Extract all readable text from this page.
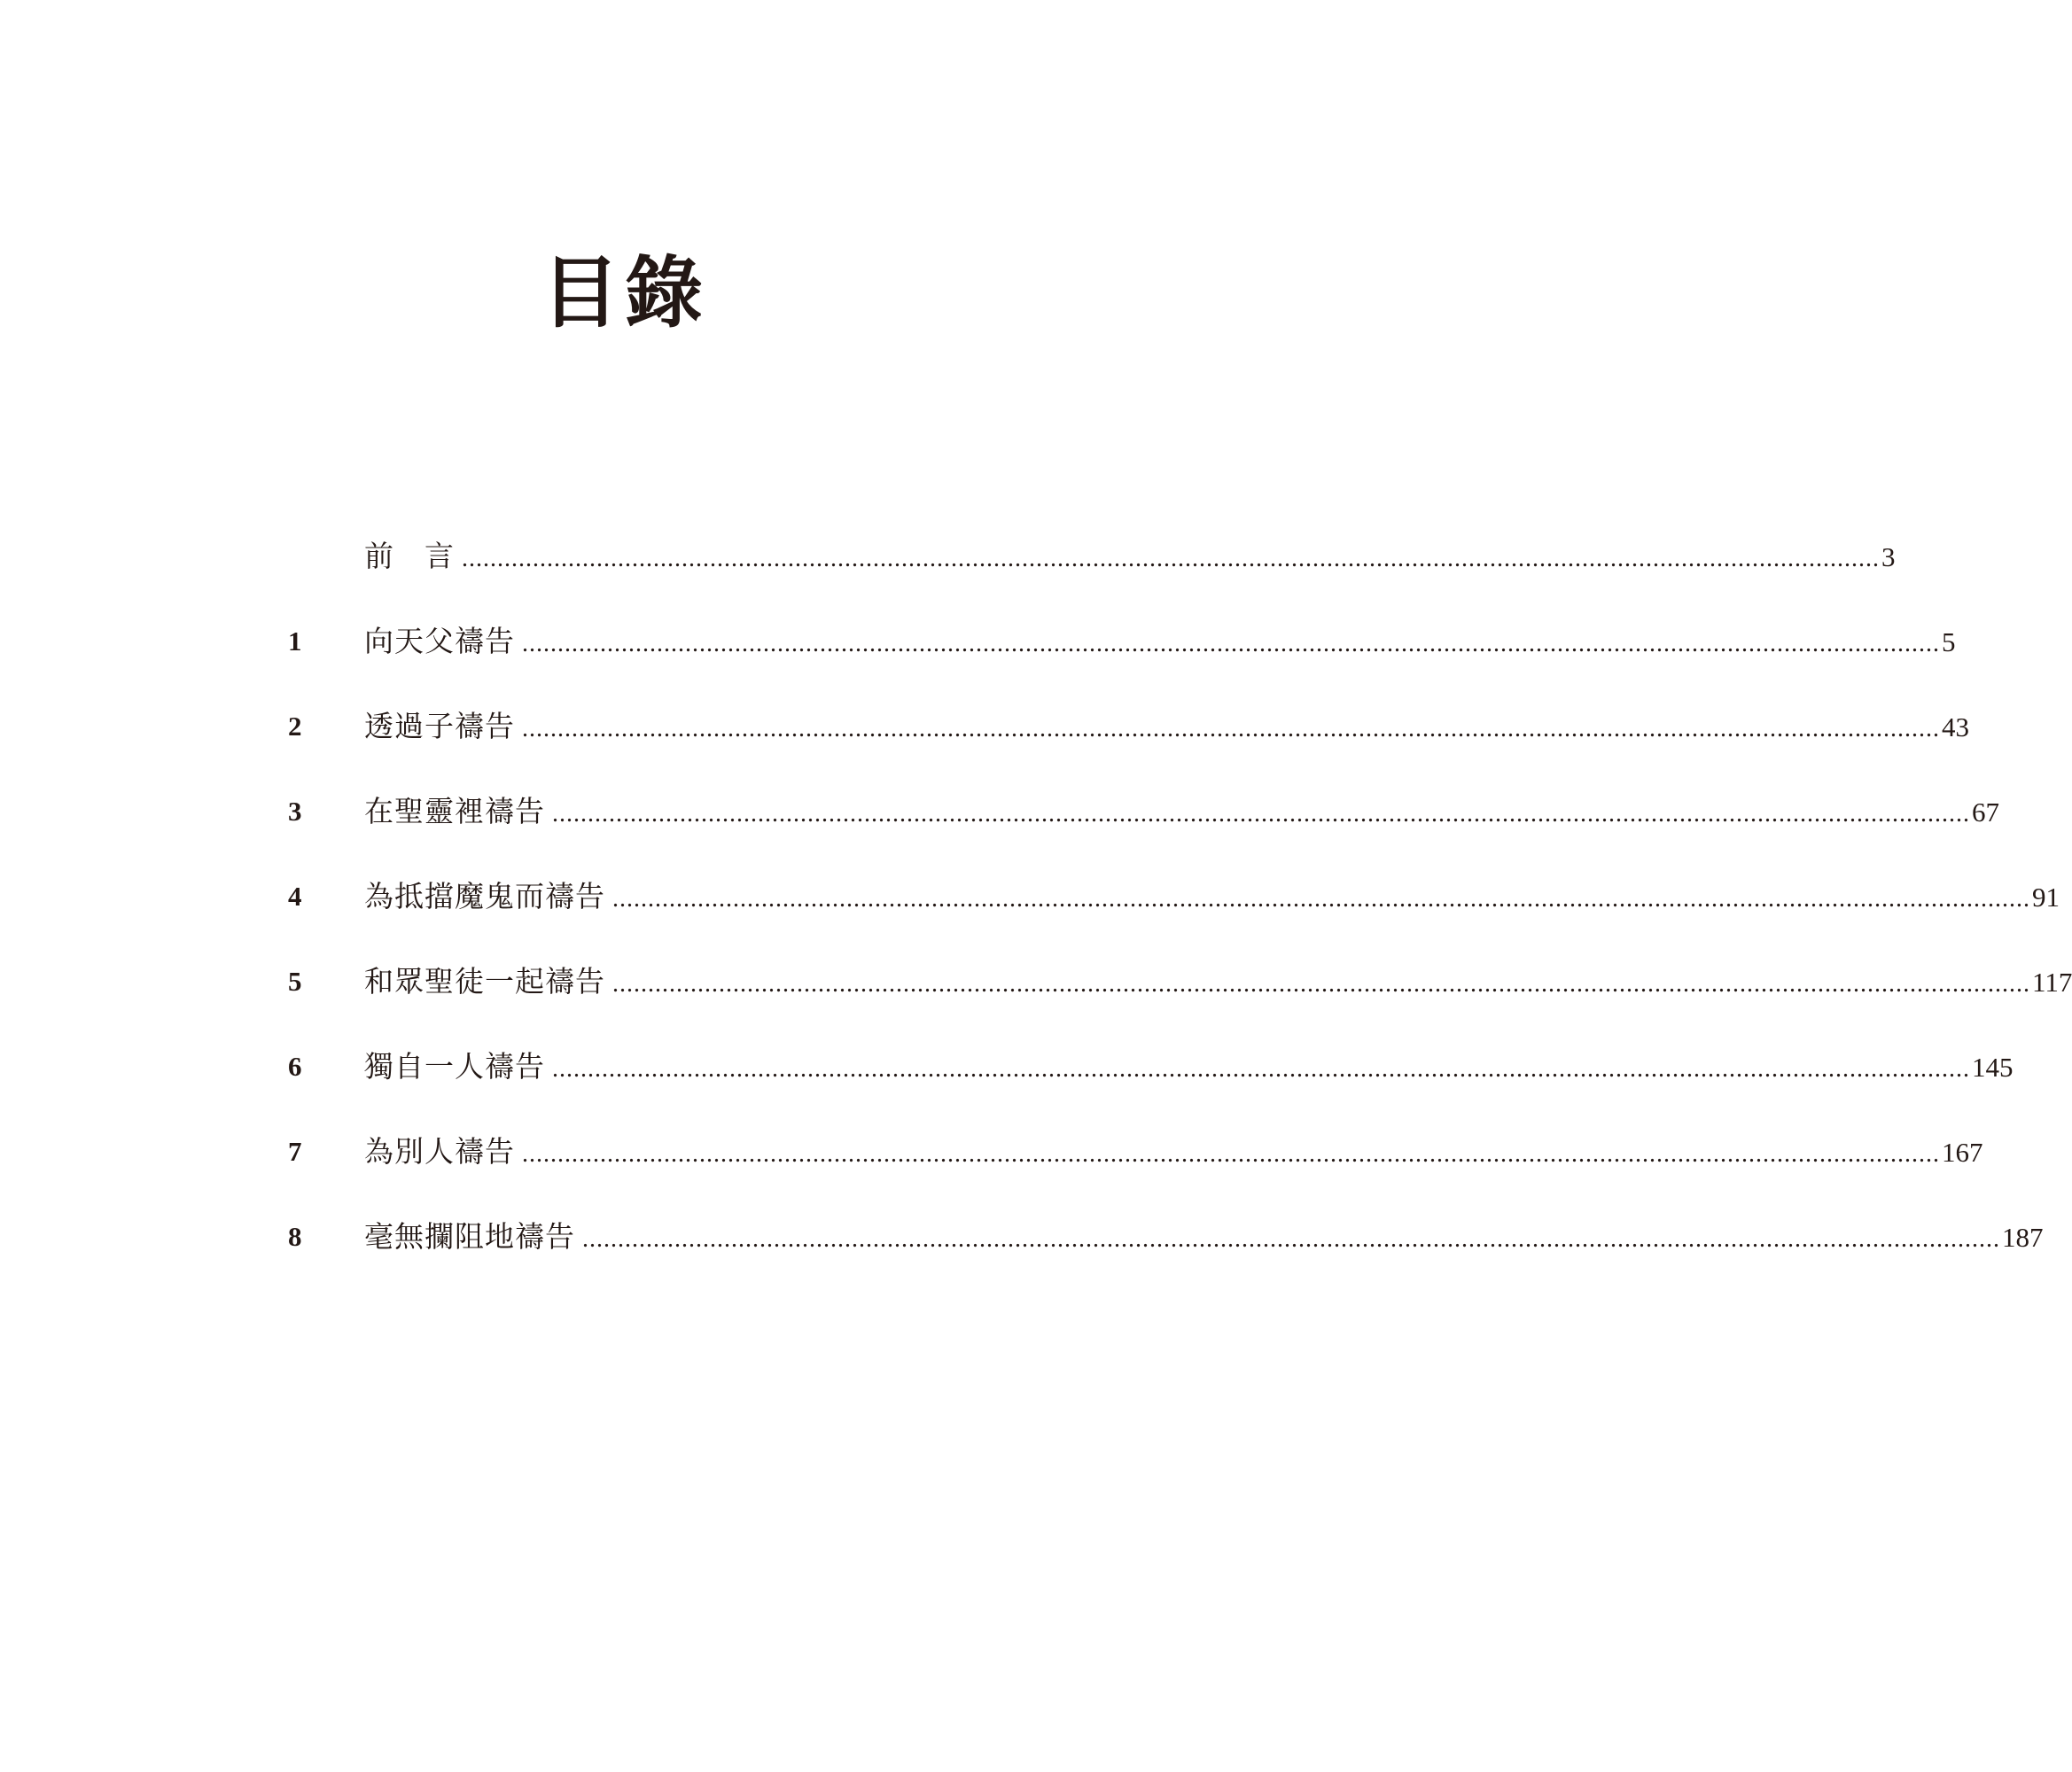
目錄
前　言 ........................................................................................................................................................................................................ 3
1	向天父禱告 ........................................................................................................................................................................................................ 5
2	透過子禱告 ........................................................................................................................................................................................................ 43
3	在聖靈裡禱告 ........................................................................................................................................................................................................ 67
4	為抵擋魔鬼而禱告 ........................................................................................................................................................................................................ 91
5	和眾聖徒一起禱告 ........................................................................................................................................................................................................ 117
6	獨自一人禱告 ........................................................................................................................................................................................................ 145
7	為別人禱告 ........................................................................................................................................................................................................ 167
8	毫無攔阻地禱告 ........................................................................................................................................................................................................ 187
